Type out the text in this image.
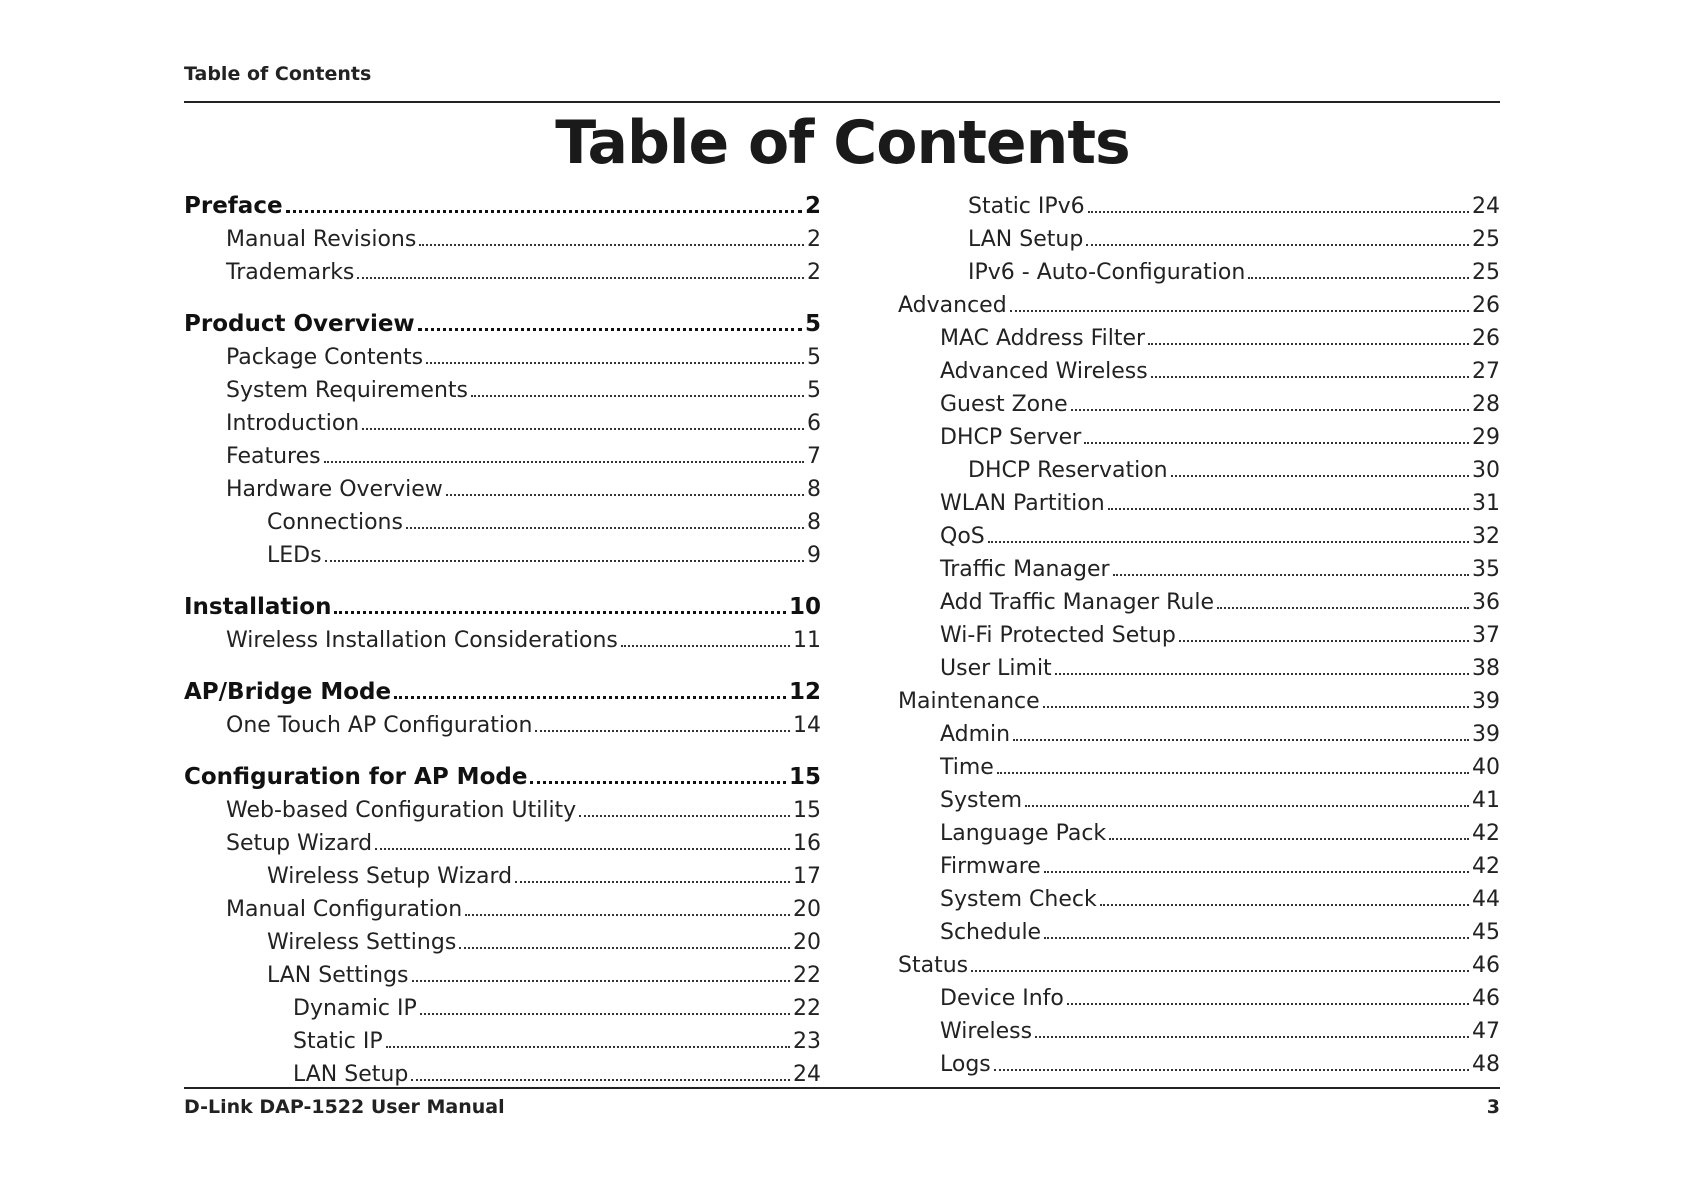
Table of Contents
Table of Contents
Preface	2
Manual Revisions	2
Trademarks	2
Product Overview	5
Package Contents	5
System Requirements	5
Introduction	6
Features	7
Hardware Overview	8
Connections	8
LEDs	9
Installation	10
Wireless Installation Considerations	11
AP/Bridge Mode	12
One Touch AP Configuration	14
Configuration for AP Mode	15
Web-based Configuration Utility	15
Setup Wizard	16
Wireless Setup Wizard	17
Manual Configuration	20
Wireless Settings	20
LAN Settings	22
Dynamic IP	22
Static IP	23
LAN Setup	24
Static IPv6	24
LAN Setup	25
IPv6 - Auto-Configuration	25
Advanced	26
MAC Address Filter	26
Advanced Wireless	27
Guest Zone	28
DHCP Server	29
DHCP Reservation	30
WLAN Partition	31
QoS	32
Traffic Manager	35
Add Traffic Manager Rule	36
Wi-Fi Protected Setup	37
User Limit	38
Maintenance	39
Admin	39
Time	40
System	41
Language Pack	42
Firmware	42
System Check	44
Schedule	45
Status	46
Device Info	46
Wireless	47
Logs	48
D-Link DAP-1522 User Manual	3
